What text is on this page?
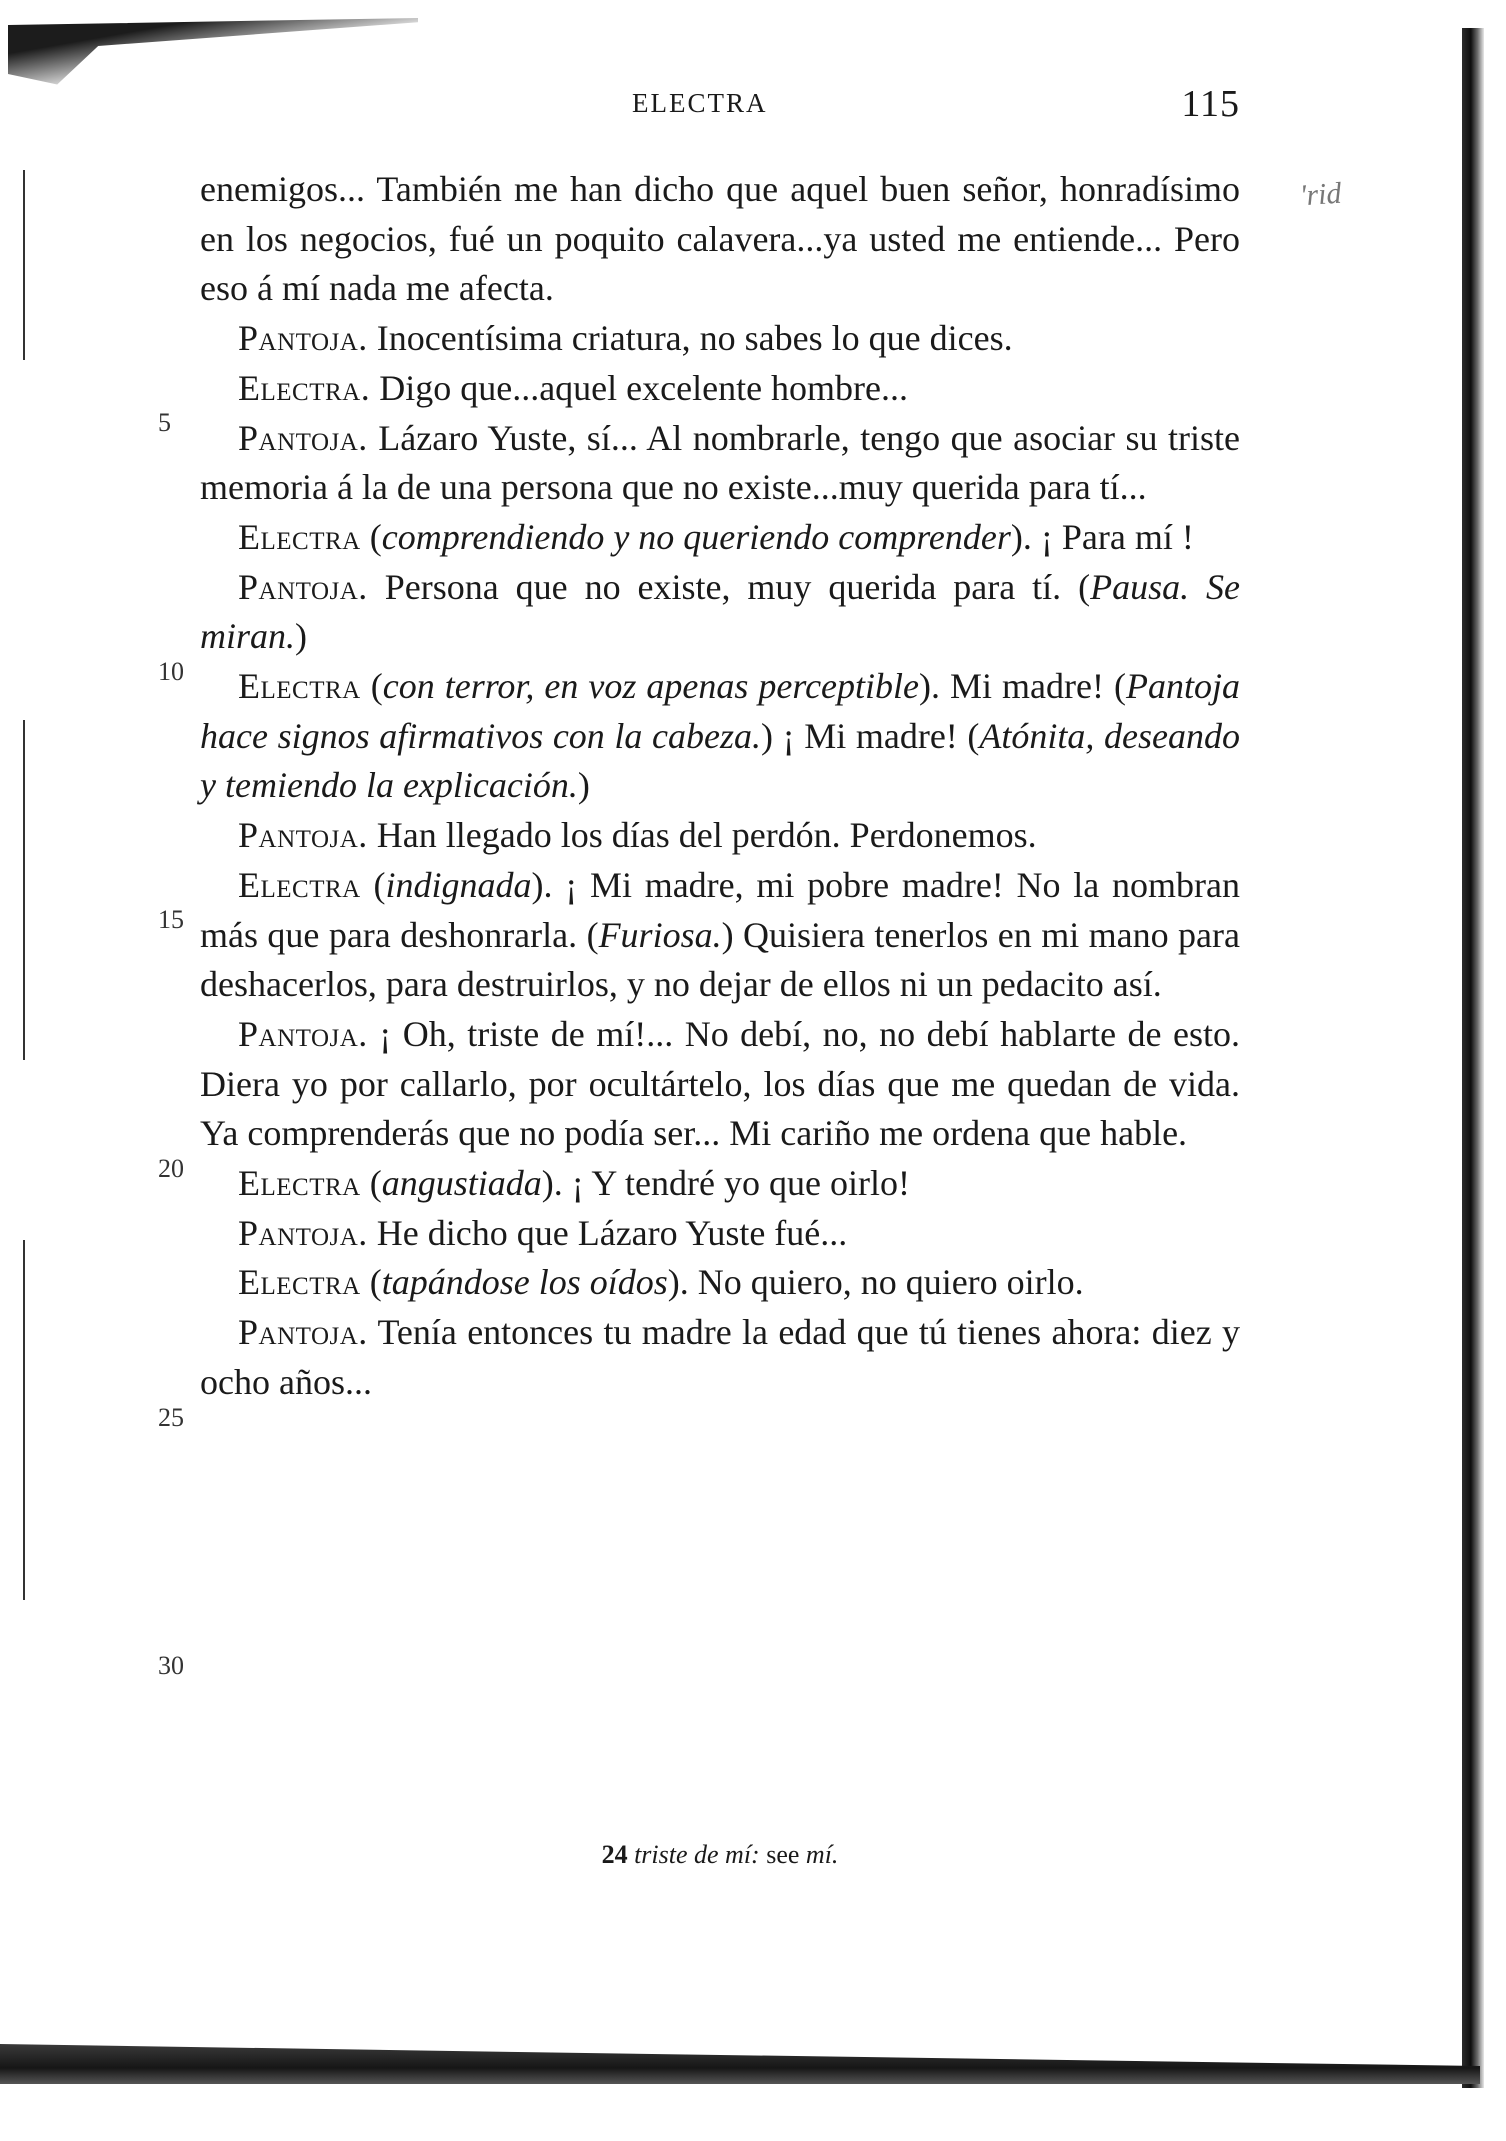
ELECTRA	115
'rid
5
10
15
20
25
30

enemigos... También me han dicho que aquel buen señor, honradísimo en los negocios, fué un poquito calavera...ya usted me entiende... Pero eso á mí nada me afecta.

Pantoja. Inocentísima criatura, no sabes lo que dices.

Electra. Digo que...aquel excelente hombre...

Pantoja. Lázaro Yuste, sí... Al nombrarle, tengo que asociar su triste memoria á la de una persona que no existe...muy querida para tí...

Electra (comprendiendo y no queriendo comprender). ¡ Para mí !

Pantoja. Persona que no existe, muy querida para tí. (Pausa. Se miran.)

Electra (con terror, en voz apenas perceptible). Mi madre! (Pantoja hace signos afirmativos con la cabeza.) ¡ Mi madre! (Atónita, deseando y temiendo la explicación.)

Pantoja. Han llegado los días del perdón. Perdonemos.

Electra (indignada). ¡ Mi madre, mi pobre madre! No la nombran más que para deshonrarla. (Furiosa.) Quisiera tenerlos en mi mano para deshacerlos, para destruirlos, y no dejar de ellos ni un pedacito así.

Pantoja. ¡ Oh, triste de mí!... No debí, no, no debí hablarte de esto. Diera yo por callarlo, por ocultártelo, los días que me quedan de vida. Ya comprenderás que no podía ser... Mi cariño me ordena que hable.

Electra (angustiada). ¡ Y tendré yo que oirlo!

Pantoja. He dicho que Lázaro Yuste fué...

Electra (tapándose los oídos). No quiero, no quiero oirlo.

Pantoja. Tenía entonces tu madre la edad que tú tienes ahora: diez y ocho años...

24 triste de mí: see mí.
